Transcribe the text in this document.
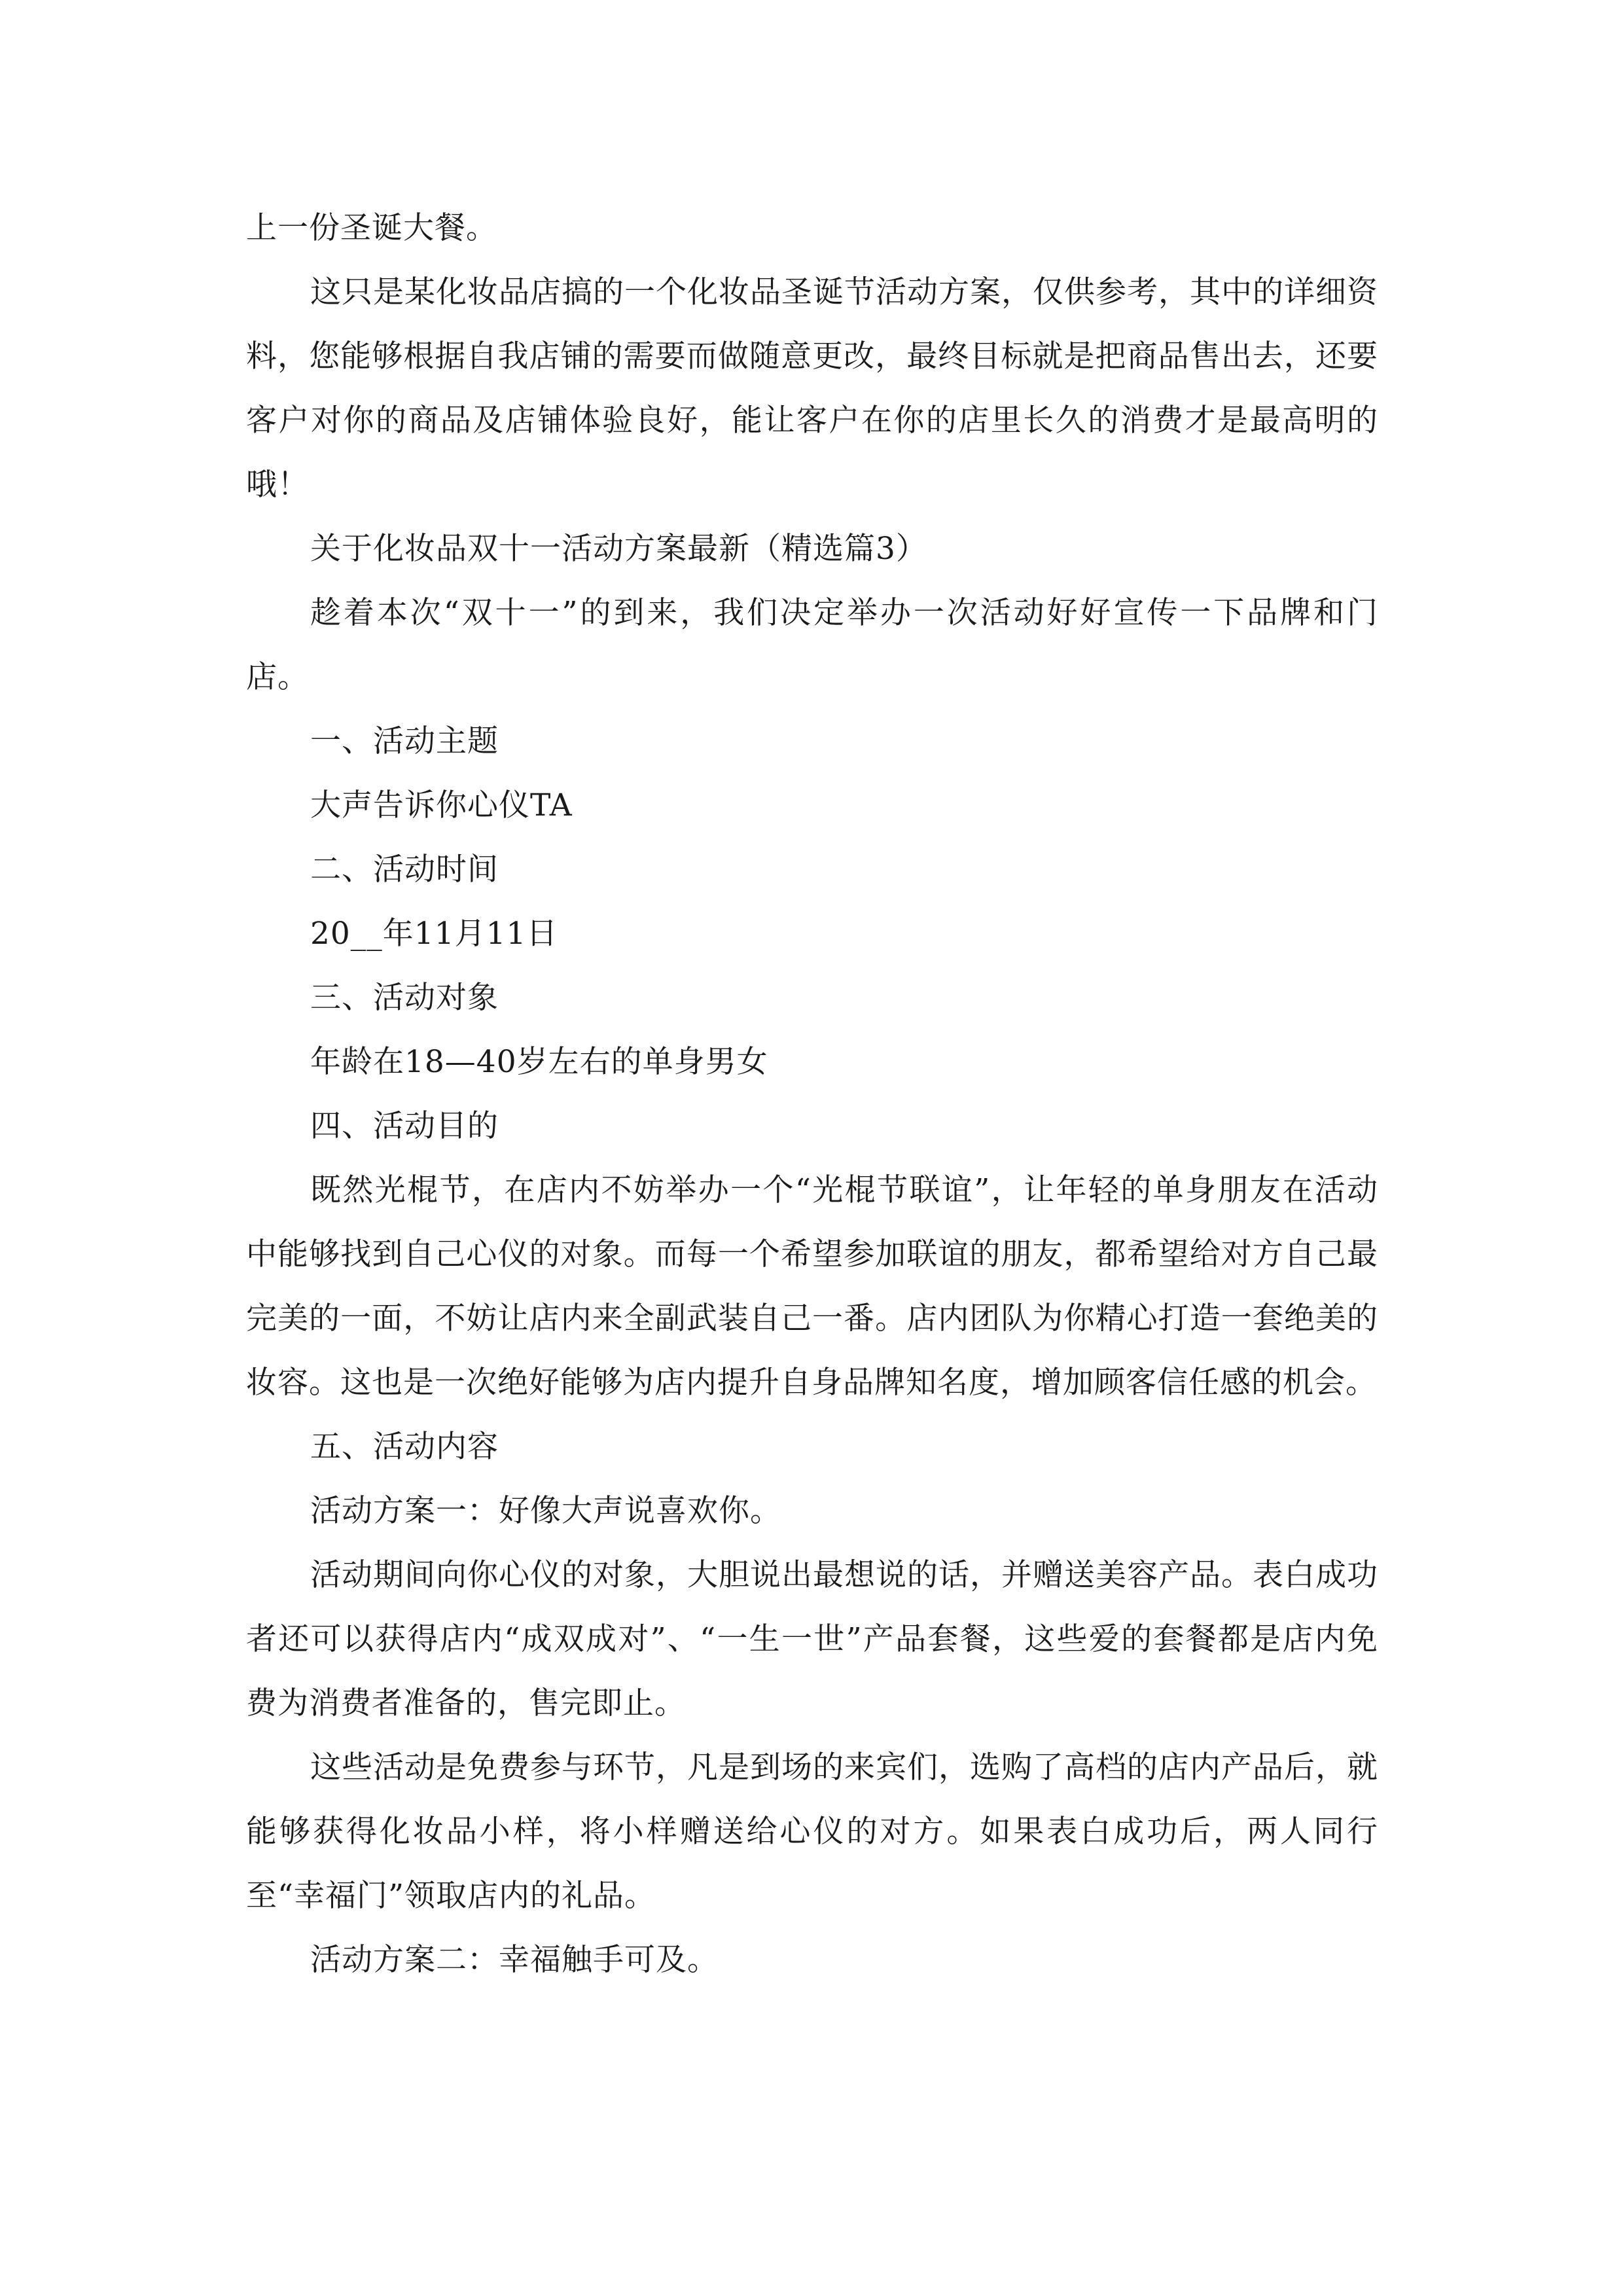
上一份圣诞大餐。

这只是某化妆品店搞的一个化妆品圣诞节活动方案，仅供参考，其中的详细资料，您能够根据自我店铺的需要而做随意更改，最终目标就是把商品售出去，还要客户对你的商品及店铺体验良好，能让客户在你的店里长久的消费才是最高明的哦！

关于化妆品双十一活动方案最新（精选篇3）

趁着本次“双十一”的到来，我们决定举办一次活动好好宣传一下品牌和门店。

一、活动主题

大声告诉你心仪TA

二、活动时间

20__年11月11日

三、活动对象

年龄在18—40岁左右的单身男女

四、活动目的

既然光棍节，在店内不妨举办一个“光棍节联谊”，让年轻的单身朋友在活动中能够找到自己心仪的对象。而每一个希望参加联谊的朋友，都希望给对方自己最完美的一面，不妨让店内来全副武装自己一番。店内团队为你精心打造一套绝美的妆容。这也是一次绝好能够为店内提升自身品牌知名度，增加顾客信任感的机会。

五、活动内容

活动方案一：好像大声说喜欢你。

活动期间向你心仪的对象，大胆说出最想说的话，并赠送美容产品。表白成功者还可以获得店内“成双成对”、“一生一世”产品套餐，这些爱的套餐都是店内免费为消费者准备的，售完即止。

这些活动是免费参与环节，凡是到场的来宾们，选购了高档的店内产品后，就能够获得化妆品小样，将小样赠送给心仪的对方。如果表白成功后，两人同行至“幸福门”领取店内的礼品。

活动方案二：幸福触手可及。
